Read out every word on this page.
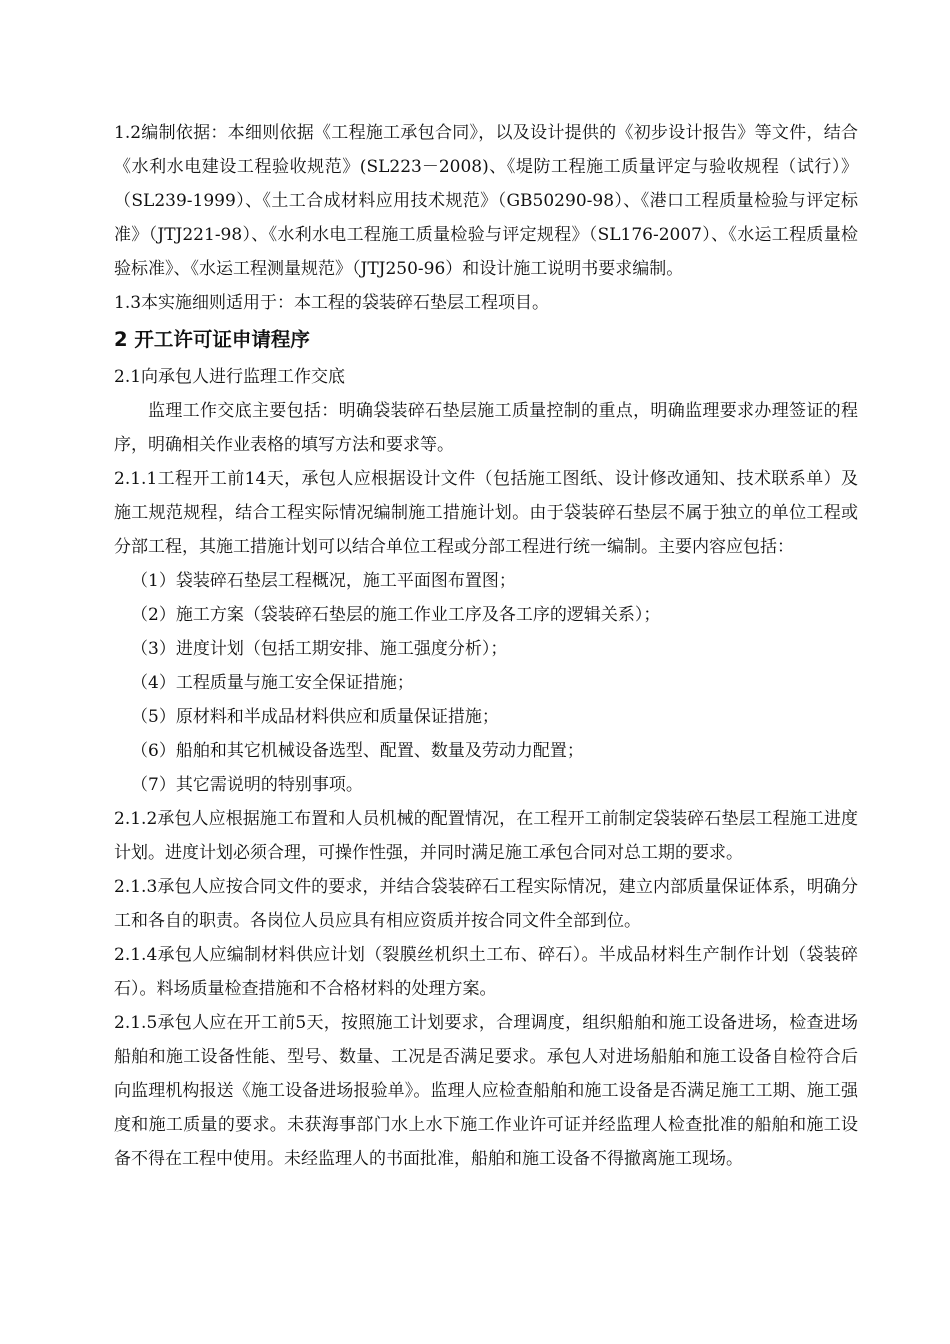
1.2编制依据：本细则依据《工程施工承包合同》，以及设计提供的《初步设计报告》等文件，结合《水利水电建设工程验收规范》(SL223－2008)、《堤防工程施工质量评定与验收规程（试行）》（SL239-1999）、《土工合成材料应用技术规范》（GB50290-98）、《港口工程质量检验与评定标准》（JTJ221-98）、《水利水电工程施工质量检验与评定规程》（SL176-2007）、《水运工程质量检验标准》、《水运工程测量规范》（JTJ250-96）和设计施工说明书要求编制。

1.3本实施细则适用于：本工程的袋装碎石垫层工程项目。

2 开工许可证申请程序

2.1向承包人进行监理工作交底

监理工作交底主要包括：明确袋装碎石垫层施工质量控制的重点，明确监理要求办理签证的程序，明确相关作业表格的填写方法和要求等。

2.1.1工程开工前14天，承包人应根据设计文件（包括施工图纸、设计修改通知、技术联系单）及施工规范规程，结合工程实际情况编制施工措施计划。由于袋装碎石垫层不属于独立的单位工程或分部工程，其施工措施计划可以结合单位工程或分部工程进行统一编制。主要内容应包括：

（1）袋装碎石垫层工程概况，施工平面图布置图；

（2）施工方案（袋装碎石垫层的施工作业工序及各工序的逻辑关系）；

（3）进度计划（包括工期安排、施工强度分析）；

（4）工程质量与施工安全保证措施；

（5）原材料和半成品材料供应和质量保证措施；

（6）船舶和其它机械设备选型、配置、数量及劳动力配置；

（7）其它需说明的特别事项。

2.1.2承包人应根据施工布置和人员机械的配置情况，在工程开工前制定袋装碎石垫层工程施工进度计划。进度计划必须合理，可操作性强，并同时满足施工承包合同对总工期的要求。

2.1.3承包人应按合同文件的要求，并结合袋装碎石工程实际情况，建立内部质量保证体系，明确分工和各自的职责。各岗位人员应具有相应资质并按合同文件全部到位。

2.1.4承包人应编制材料供应计划（裂膜丝机织土工布、碎石）。半成品材料生产制作计划（袋装碎石）。料场质量检查措施和不合格材料的处理方案。

2.1.5承包人应在开工前5天，按照施工计划要求，合理调度，组织船舶和施工设备进场，检查进场船舶和施工设备性能、型号、数量、工况是否满足要求。承包人对进场船舶和施工设备自检符合后向监理机构报送《施工设备进场报验单》。监理人应检查船舶和施工设备是否满足施工工期、施工强度和施工质量的要求。未获海事部门水上水下施工作业许可证并经监理人检查批准的船舶和施工设备不得在工程中使用。未经监理人的书面批准，船舶和施工设备不得撤离施工现场。
